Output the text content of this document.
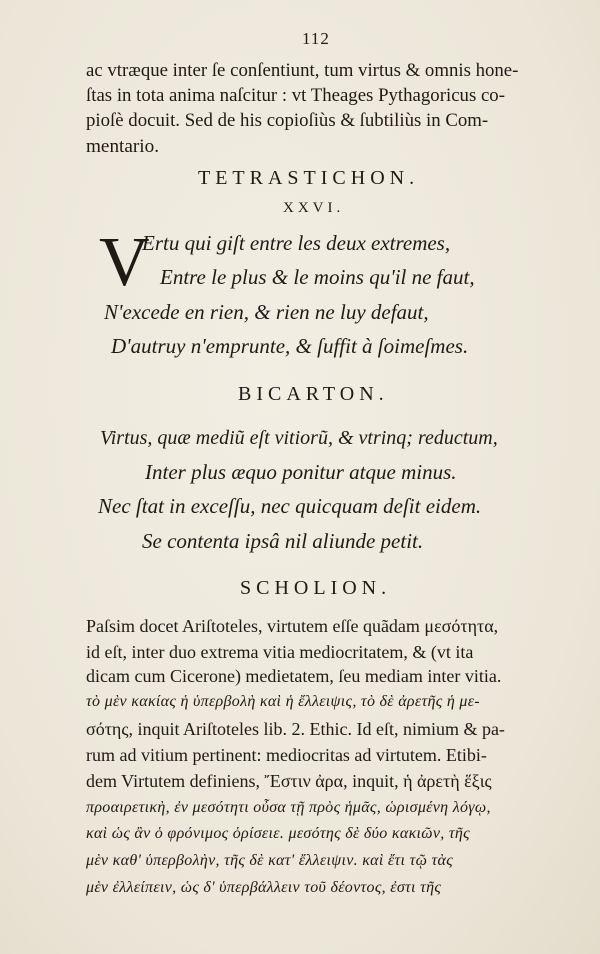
112
ac vtræque inter ſe conſentiunt, tum virtus & omnis hone-
ſtas in tota anima naſcitur : vt Theages Pythagoricus co-
pioſè docuit. Sed de his copioſiùs & ſubtiliùs in Com-
mentario.
TETRASTICHON.
XXVI.
V
Ertu qui giſt entre les deux extremes,
Entre le plus & le moins qu'il ne faut,
N'excede en rien, & rien ne luy defaut,
D'autruy n'emprunte, & ſuffit à ſoimeſmes.
BICARTON.
Virtus, quæ mediũ eſt vitiorũ, & vtrinq; reductum,
Inter plus æquo ponitur atque minus.
Nec ſtat in exceſſu, nec quicquam deſit eidem.
Se contenta ipsâ nil aliunde petit.
SCHOLION.
Paſsim docet Ariſtoteles, virtutem eſſe quãdam μεσότητα,
id eſt, inter duo extrema vitia mediocritatem, & (vt ita
dicam cum Cicerone) medietatem, ſeu mediam inter vitia.
τὸ μὲν κακίας ἡ ὑπερβολὴ καὶ ἡ ἔλλειψις, τὸ δὲ ἀρετῆς ἡ με-
σότης, inquit Ariſtoteles lib. 2. Ethic. Id eſt, nimium & pa-
rum ad vitium pertinent: mediocritas ad virtutem. Etibi-
dem Virtutem definiens, Ἔστιν ἀρα, inquit, ἡ ἀρετὴ ἕξις
προαιρετικὴ, ἐν μεσότητι οὖσα τῇ πρὸς ἡμᾶς, ὡρισμένη λόγῳ,
καὶ ὡς ἂν ὁ φρόνιμος ὁρίσειε. μεσότης δὲ δύο κακιῶν, τῆς
μὲν καθ' ὑπερβολὴν, τῆς δὲ κατ' ἔλλειψιν. καὶ ἔτι τῷ τὰς
μὲν ἐλλείπειν, ὡς δ' ὑπερβάλλειν τοῦ δέοντος, ἐστι τῆς
